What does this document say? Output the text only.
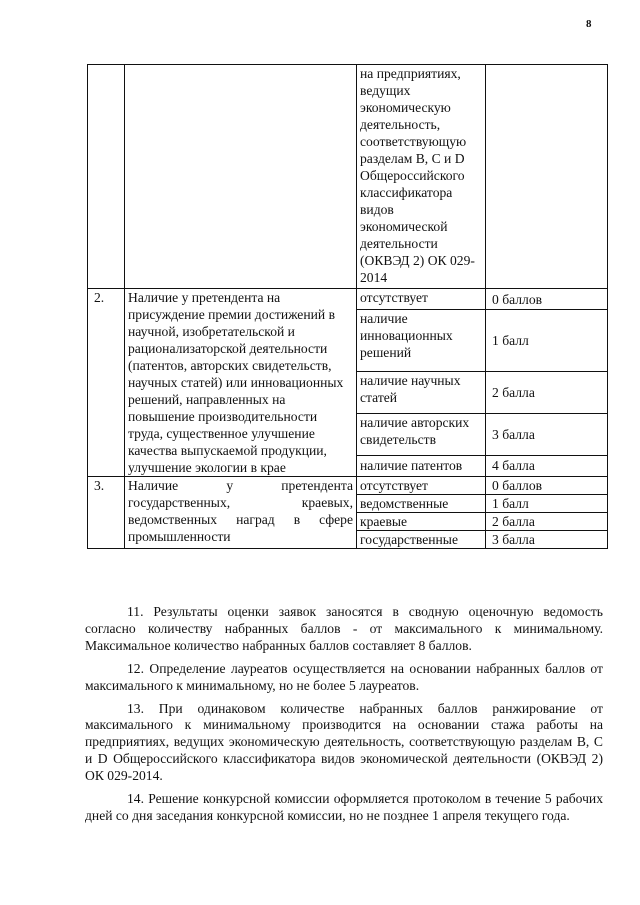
8
		на предприятиях, ведущих экономическую деятельность, соответствующую разделам B, C и D Общероссийского классификатора видов экономической деятельности (ОКВЭД 2) ОК 029-2014	
2.	Наличие у претендента на присуждение премии достижений в научной, изобретательской и рационализаторской деятельности (патентов, авторских свидетельств, научных статей) или инновационных решений, направленных на повышение производительности труда, существенное улучшение качества выпускаемой продукции, улучшение экологии в крае	отсутствует	0 баллов
		наличие инновационных решений	1 балл
		наличие научных статей	2 балла
		наличие авторских свидетельств	3 балла
		наличие патентов	4 балла
3.	Наличие у претендента государственных, краевых, ведомственных наград в сфере промышленности	отсутствует	0 баллов
		ведомственные	1 балл
		краевые	2 балла
		государственные	3 балла

11. Результаты оценки заявок заносятся в сводную оценочную ведомость согласно количеству набранных баллов - от максимального к минимальному. Максимальное количество набранных баллов составляет 8 баллов.

12. Определение лауреатов осуществляется на основании набранных баллов от максимального к минимальному, но не более 5 лауреатов.

13. При одинаковом количестве набранных баллов ранжирование от максимального к минимальному производится на основании стажа работы на предприятиях, ведущих экономическую деятельность, соответствующую разделам B, C и D Общероссийского классификатора видов экономической деятельности (ОКВЭД 2) ОК 029-2014.

14. Решение конкурсной комиссии оформляется протоколом в течение 5 рабочих дней со дня заседания конкурсной комиссии, но не позднее 1 апреля текущего года.
